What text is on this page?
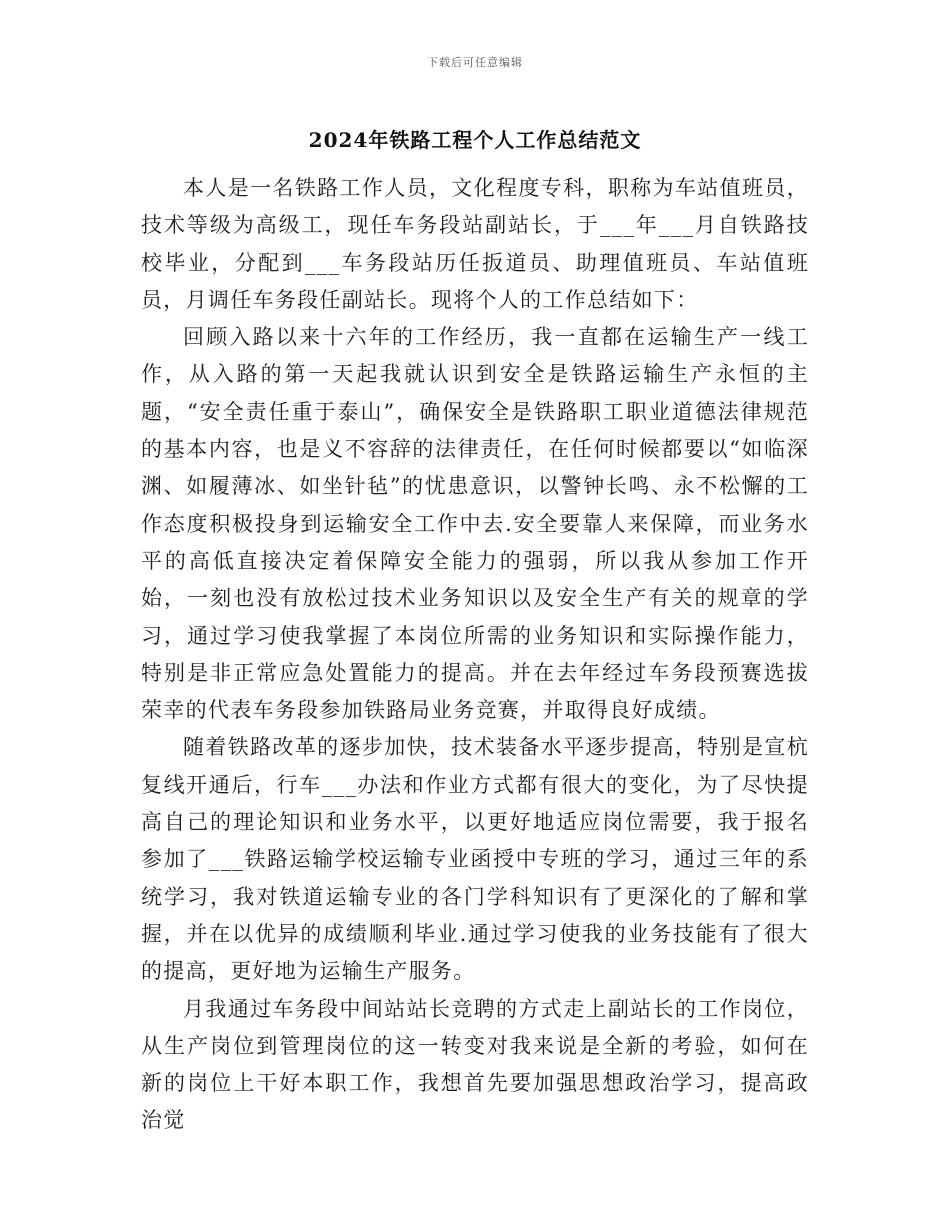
下载后可任意编辑
2024年铁路工程个人工作总结范文

本人是一名铁路工作人员，文化程度专科，职称为车站值班员，技术等级为高级工，现任车务段站副站长，于___年___月自铁路技校毕业，分配到___车务段站历任扳道员、助理值班员、车站值班员，月调任车务段任副站长。现将个人的工作总结如下：

回顾入路以来十六年的工作经历，我一直都在运输生产一线工作，从入路的第一天起我就认识到安全是铁路运输生产永恒的主题，“安全责任重于泰山”，确保安全是铁路职工职业道德法律规范的基本内容，也是义不容辞的法律责任，在任何时候都要以“如临深渊、如履薄冰、如坐针毡”的忧患意识，以警钟长鸣、永不松懈的工作态度积极投身到运输安全工作中去.安全要靠人来保障，而业务水平的高低直接决定着保障安全能力的强弱，所以我从参加工作开始，一刻也没有放松过技术业务知识以及安全生产有关的规章的学习，通过学习使我掌握了本岗位所需的业务知识和实际操作能力，特别是非正常应急处置能力的提高。并在去年经过车务段预赛选拔荣幸的代表车务段参加铁路局业务竞赛，并取得良好成绩。

随着铁路改革的逐步加快，技术装备水平逐步提高，特别是宣杭复线开通后，行车___办法和作业方式都有很大的变化，为了尽快提高自己的理论知识和业务水平，以更好地适应岗位需要，我于报名参加了___铁路运输学校运输专业函授中专班的学习，通过三年的系统学习，我对铁道运输专业的各门学科知识有了更深化的了解和掌握，并在以优异的成绩顺利毕业.通过学习使我的业务技能有了很大的提高，更好地为运输生产服务。

月我通过车务段中间站站长竞聘的方式走上副站长的工作岗位，从生产岗位到管理岗位的这一转变对我来说是全新的考验，如何在新的岗位上干好本职工作，我想首先要加强思想政治学习，提高政治觉
